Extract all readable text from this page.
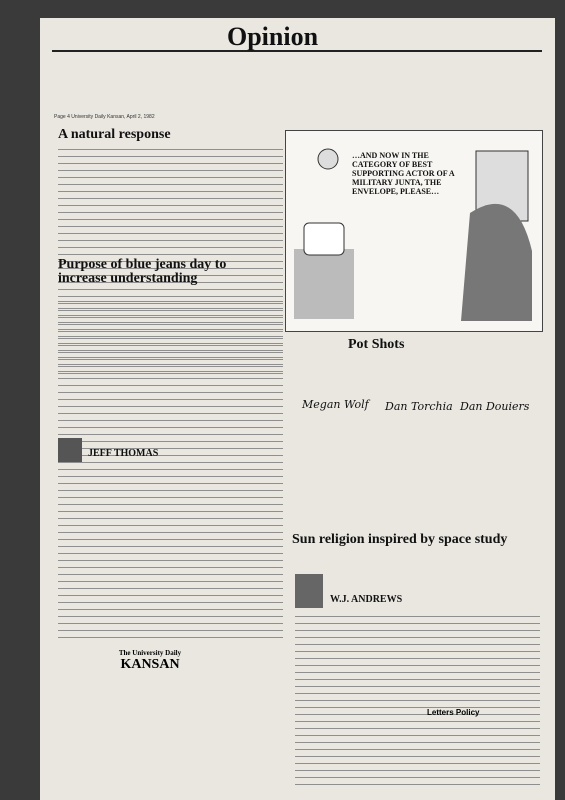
Opinion
Page 4 University Daily Kansan, April 2, 1982
A natural response
Purpose of blue jeans day to increase understanding
JEFF THOMAS
…AND NOW IN THE CATEGORY OF BEST SUPPORTING ACTOR OF A MILITARY JUNTA, THE ENVELOPE, PLEASE…
Pot Shots
Megan Wolf Dan Torchia Dan Douiers
Sun religion inspired by space study
W.J. ANDREWS
The University Daily
KANSAN
Letters Policy
